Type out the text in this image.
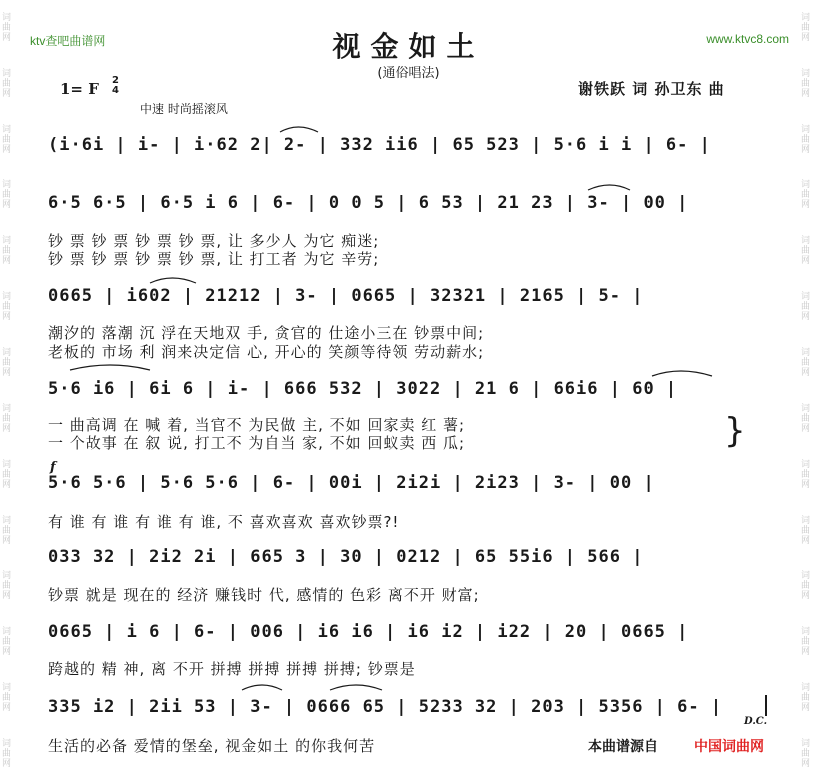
词曲网
词曲网
词曲网
词曲网
词曲网
词曲网
词曲网
词曲网
词曲网
词曲网
词曲网
词曲网
词曲网
词曲网
词曲网
词曲网
词曲网
词曲网
词曲网
词曲网
词曲网
词曲网
词曲网
词曲网
词曲网
词曲网
词曲网
词曲网
ktv查吧曲谱网	www.ktvc8.com
视金如土
(通俗唱法)
1= F 2
4	谢铁跃 词 孙卫东 曲
中速 时尚摇滚风
(i·6i | i- | i·62 2| 2- | 332 ii6 | 65 523 | 5·6 i i | 6- |
6·5 6·5 | 6·5 i 6 | 6- | 0 0 5 | 6 53 | 21 23 | 3- | 00 |
钞 票 钞 票 钞 票 钞 票, 让 多少人 为它 痴迷;
钞 票 钞 票 钞 票 钞 票, 让 打工者 为它 辛劳;
0665 | i602 | 21212 | 3- | 0665 | 32321 | 2165 | 5- |
潮汐的 落潮 沉 浮在天地双 手, 贪官的 仕途小三在 钞票中间;
老板的 市场 利 润来决定信 心, 开心的 笑颜等待领 劳动薪水;
5·6 i6 | 6i 6 | i- | 666 532 | 3022 | 21 6 | 66i6 | 60 |
一 曲高调 在 喊 着, 当官不 为民做 主, 不如 回家卖 红 薯;
一 个故事 在 叙 说, 打工不 为自当 家, 不如 回蚁卖 西 瓜;	}
f
5·6 5·6 | 5·6 5·6 | 6- | 00i | 2i2i | 2i23 | 3- | 00 |
有 谁 有 谁 有 谁 有 谁, 不 喜欢喜欢 喜欢钞票?!
033 32 | 2i2 2i | 665 3 | 30 | 0212 | 65 55i6 | 566 |
钞票 就是 现在的 经济 赚钱时 代, 感情的 色彩 离不开 财富;
0665 | i 6 | 6- | 006 | i6 i6 | i6 i2 | i22 | 20 | 0665 |
跨越的 精 神, 离 不开 拼搏 拼搏 拼搏 拼搏; 钞票是
335 i2 | 2ii 53 | 3- | 0666 65 | 5233 32 | 203 | 5356 | 6- |
D.C.
生活的必备 爱情的堡垒, 视金如土 的你我何苦	本曲谱源自	中国词曲网
